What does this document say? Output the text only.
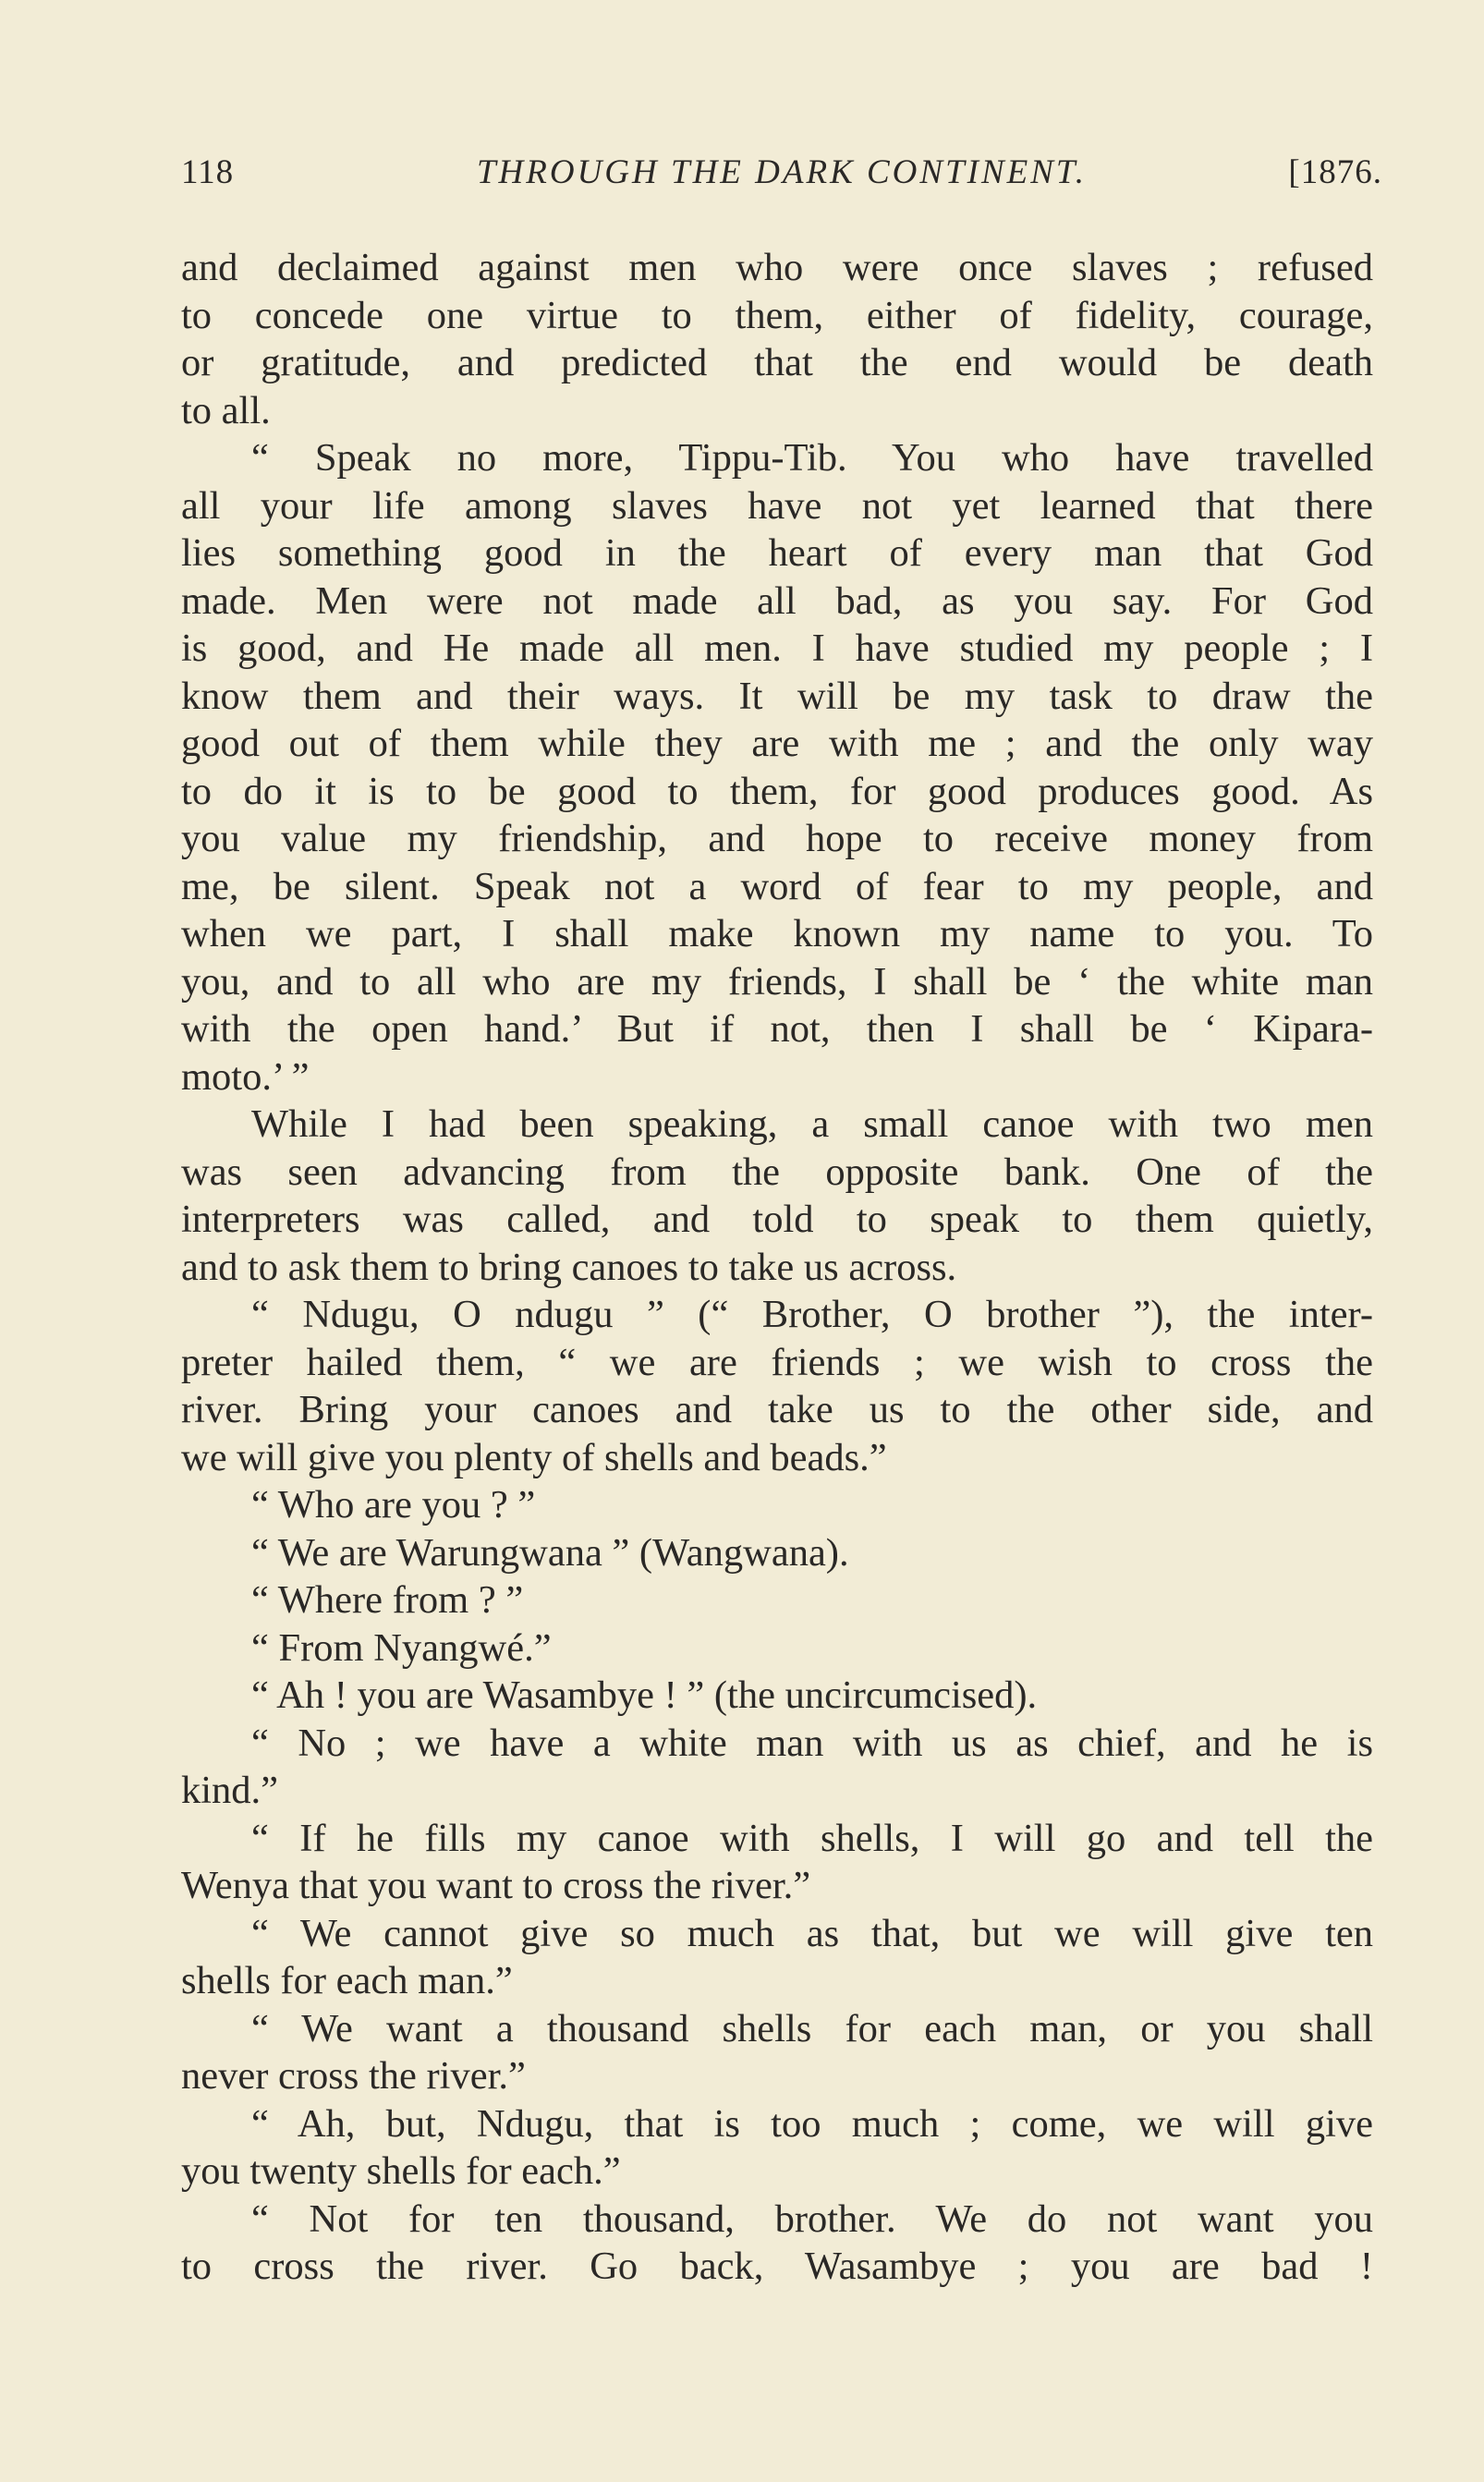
118	THROUGH THE DARK CONTINENT.	[1876.
and declaimed against men who were once slaves ; refused
to concede one virtue to them, either of fidelity, courage,
or gratitude, and predicted that the end would be death
to all.
“ Speak no more, Tippu-Tib. You who have travelled
all your life among slaves have not yet learned that there
lies something good in the heart of every man that God
made. Men were not made all bad, as you say. For God
is good, and He made all men. I have studied my people ; I
know them and their ways. It will be my task to draw the
good out of them while they are with me ; and the only way
to do it is to be good to them, for good produces good. As
you value my friendship, and hope to receive money from
me, be silent. Speak not a word of fear to my people, and
when we part, I shall make known my name to you. To
you, and to all who are my friends, I shall be ‘ the white man
with the open hand.’ But if not, then I shall be ‘ Kipara-
moto.’ ”
While I had been speaking, a small canoe with two men
was seen advancing from the opposite bank. One of the
interpreters was called, and told to speak to them quietly,
and to ask them to bring canoes to take us across.
“ Ndugu, O ndugu ” (“ Brother, O brother ”), the inter-
preter hailed them, “ we are friends ; we wish to cross the
river. Bring your canoes and take us to the other side, and
we will give you plenty of shells and beads.”
“ Who are you ? ”
“ We are Warungwana ” (Wangwana).
“ Where from ? ”
“ From Nyangwé.”
“ Ah ! you are Wasambye ! ” (the uncircumcised).
“ No ; we have a white man with us as chief, and he is
kind.”
“ If he fills my canoe with shells, I will go and tell the
Wenya that you want to cross the river.”
“ We cannot give so much as that, but we will give ten
shells for each man.”
“ We want a thousand shells for each man, or you shall
never cross the river.”
“ Ah, but, Ndugu, that is too much ; come, we will give
you twenty shells for each.”
“ Not for ten thousand, brother. We do not want you
to cross the river. Go back, Wasambye ; you are bad !
